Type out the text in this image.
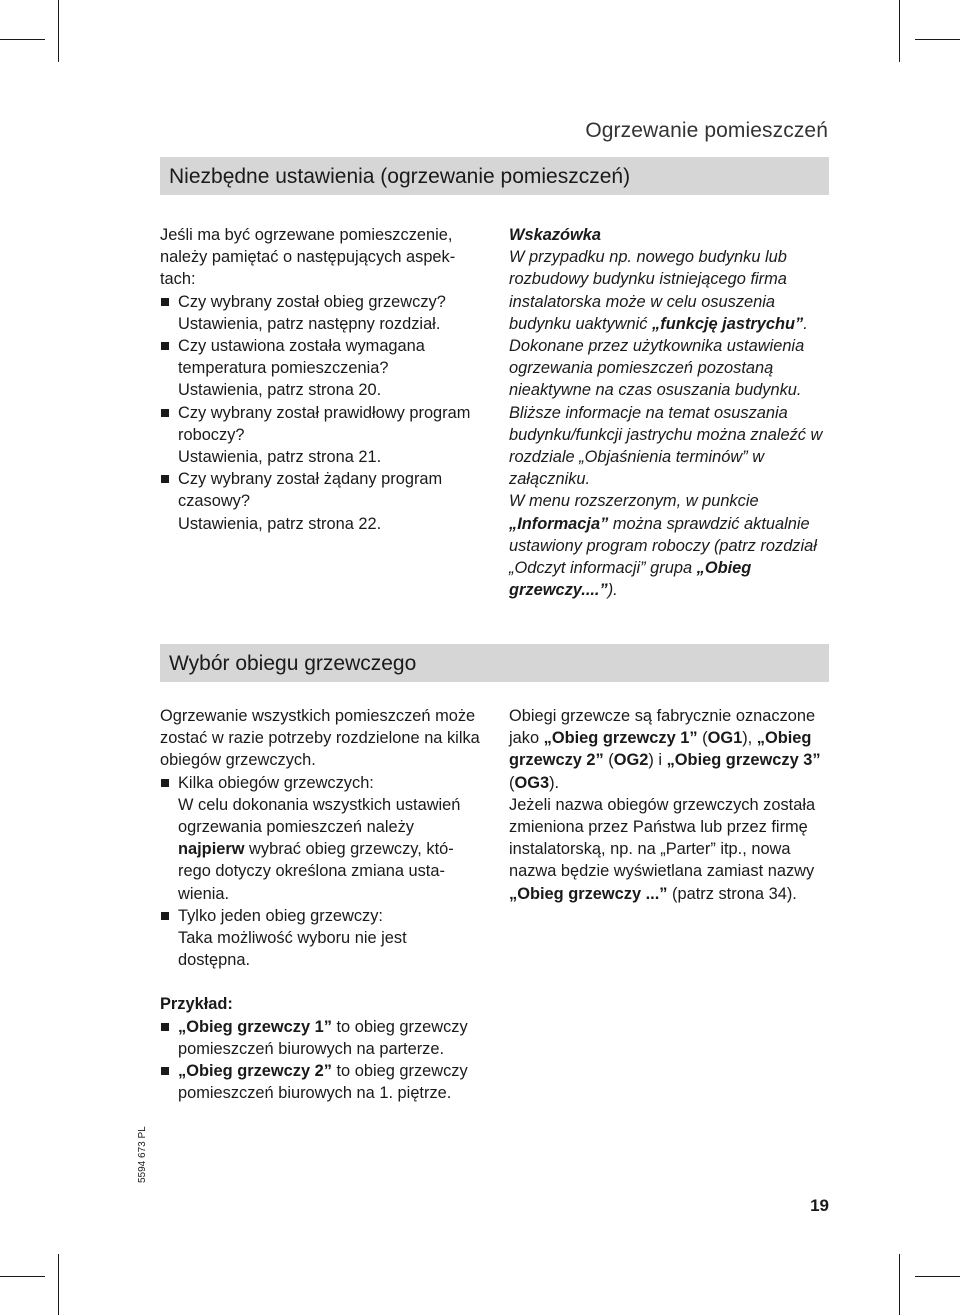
Ogrzewanie pomieszczeń
Niezbędne ustawienia (ogrzewanie pomieszczeń)

Jeśli ma być ogrzewane pomieszczenie, należy pamiętać o następujących aspektach:

Czy wybrany został obieg grzewczy?
Ustawienia, patrz następny rozdział.
Czy ustawiona została wymagana temperatura pomieszczenia?
Ustawienia, patrz strona 20.
Czy wybrany został prawidłowy program roboczy?
Ustawienia, patrz strona 21.
Czy wybrany został żądany program czasowy?
Ustawienia, patrz strona 22.

Wskazówka

W przypadku np. nowego budynku lub rozbudowy budynku istniejącego firma instalatorska może w celu osuszenia budynku uaktywnić „funkcję jastrychu”. Dokonane przez użytkownika ustawienia ogrzewania pomieszczeń pozostaną nieaktywne na czas osuszania budynku. Bliższe informacje na temat osuszania budynku/funkcji jastrychu można znaleźć w rozdziale „Objaśnienia terminów” w załączniku.

W menu rozszerzonym, w punkcie „Informacja” można sprawdzić aktualnie ustawiony program roboczy (patrz rozdział „Odczyt informacji” grupa „Obieg grzewczy....”).

Wybór obiegu grzewczego

Ogrzewanie wszystkich pomieszczeń może zostać w razie potrzeby rozdzielone na kilka obiegów grzewczych.

Kilka obiegów grzewczych:
W celu dokonania wszystkich ustawień ogrzewania pomieszczeń należy najpierw wybrać obieg grzewczy, którego dotyczy określona zmiana ustawienia.
Tylko jeden obieg grzewczy:
Taka możliwość wyboru nie jest dostępna.

Przykład:

„Obieg grzewczy 1” to obieg grzewczy pomieszczeń biurowych na parterze.
„Obieg grzewczy 2” to obieg grzewczy pomieszczeń biurowych na 1. piętrze.

Obiegi grzewcze są fabrycznie oznaczone jako „Obieg grzewczy 1” (OG1), „Obieg grzewczy 2” (OG2) i „Obieg grzewczy 3” (OG3).

Jeżeli nazwa obiegów grzewczych została zmieniona przez Państwa lub przez firmę instalatorską, np. na „Parter” itp., nowa nazwa będzie wyświetlana zamiast nazwy „Obieg grzewczy ...” (patrz strona 34).

5594 673 PL
19
